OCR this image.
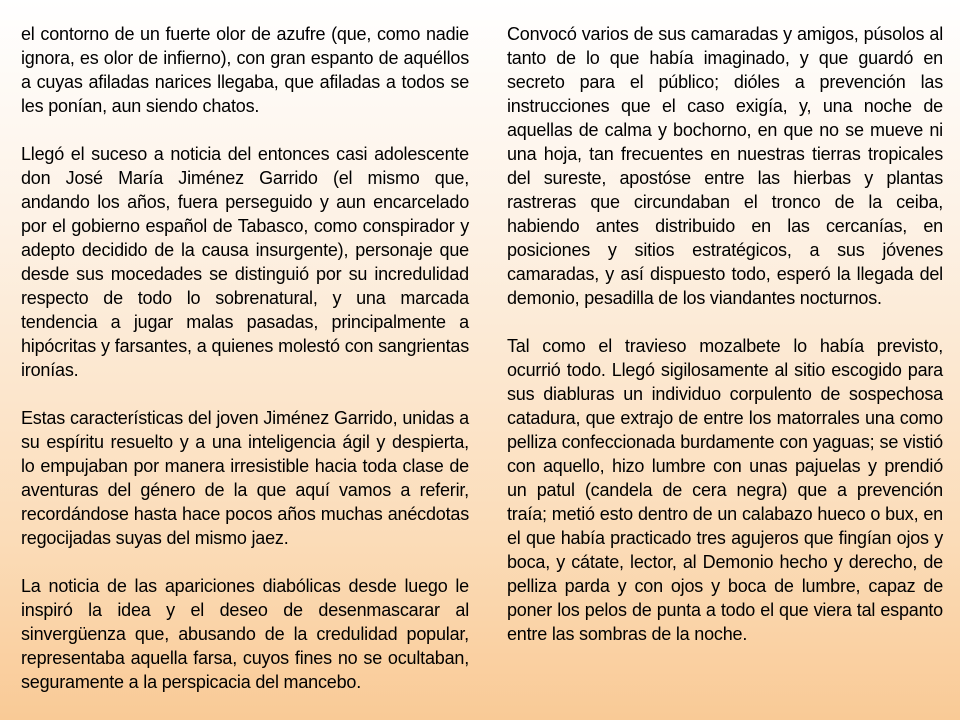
el contorno de un fuerte olor de azufre (que, como nadie ignora, es olor de infierno), con gran espanto de aquéllos a cuyas afiladas narices llegaba, que afiladas a todos se les ponían, aun siendo chatos.

Llegó el suceso a noticia del entonces casi adolescente don José María Jiménez Garrido (el mismo que, andando los años, fuera perseguido y aun encarcelado por el gobierno español de Tabasco, como conspirador y adepto decidido de la causa insurgente), personaje que desde sus mocedades se distinguió por su incredulidad respecto de todo lo sobrenatural, y una marcada tendencia a jugar malas pasadas, principalmente a hipócritas y farsantes, a quienes molestó con sangrientas ironías.

Estas características del joven Jiménez Garrido, unidas a su espíritu resuelto y a una inteligencia ágil y despierta, lo empujaban por manera irresistible hacia toda clase de aventuras del género de la que aquí vamos a referir, recordándose hasta hace pocos años muchas anécdotas regocijadas suyas del mismo jaez.

La noticia de las apariciones diabólicas desde luego le inspiró la idea y el deseo de desenmascarar al sinvergüenza que, abusando de la credulidad popular, representaba aquella farsa, cuyos fines no se ocultaban, seguramente a la perspicacia del mancebo.

Convocó varios de sus camaradas y amigos, púsolos al tanto de lo que había imaginado, y que guardó en secreto para el público; dióles a prevención las instrucciones que el caso exigía, y, una noche de aquellas de calma y bochorno, en que no se mueve ni una hoja, tan frecuentes en nuestras tierras tropicales del sureste, apostóse entre las hierbas y plantas rastreras que circundaban el tronco de la ceiba, habiendo antes distribuido en las cercanías, en posiciones y sitios estratégicos, a sus jóvenes camaradas, y así dispuesto todo, esperó la llegada del demonio, pesadilla de los viandantes nocturnos.

Tal como el travieso mozalbete lo había previsto, ocurrió todo. Llegó sigilosamente al sitio escogido para sus diabluras un individuo corpulento de sospechosa catadura, que extrajo de entre los matorrales una como pelliza confeccionada burdamente con yaguas; se vistió con aquello, hizo lumbre con unas pajuelas y prendió un patul (candela de cera negra) que a prevención traía; metió esto dentro de un calabazo hueco o bux, en el que había practicado tres agujeros que fingían ojos y boca, y cátate, lector, al Demonio hecho y derecho, de pelliza parda y con ojos y boca de lumbre, capaz de poner los pelos de punta a todo el que viera tal espanto entre las sombras de la noche.
